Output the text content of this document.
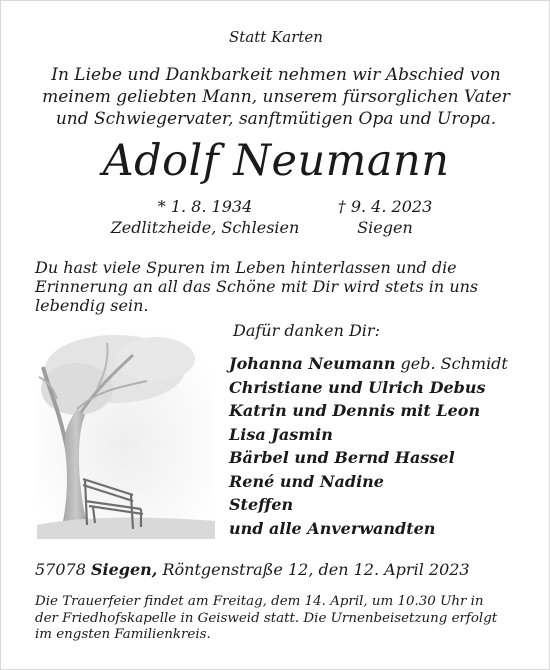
Statt Karten
In Liebe und Dankbarkeit nehmen wir Abschied von
meinem geliebten Mann, unserem fürsorglichen Vater
und Schwiegervater, sanftmütigen Opa und Uropa.
Adolf Neumann
* 1. 8. 1934
Zedlitzheide, Schlesien
† 9. 4. 2023
Siegen
Du hast viele Spuren im Leben hinterlassen und die
Erinnerung an all das Schöne mit Dir wird stets in uns
lebendig sein.
Dafür danken Dir:
Johanna Neumann geb. Schmidt
Christiane und Ulrich Debus
Katrin und Dennis mit Leon
Lisa Jasmin
Bärbel und Bernd Hassel
René und Nadine
Steffen
und alle Anverwandten
57078 Siegen, Röntgenstraße 12, den 12. April 2023
Die Trauerfeier findet am Freitag, dem 14. April, um 10.30 Uhr in
der Friedhofskapelle in Geisweid statt. Die Urnenbeisetzung erfolgt
im engsten Familienkreis.
